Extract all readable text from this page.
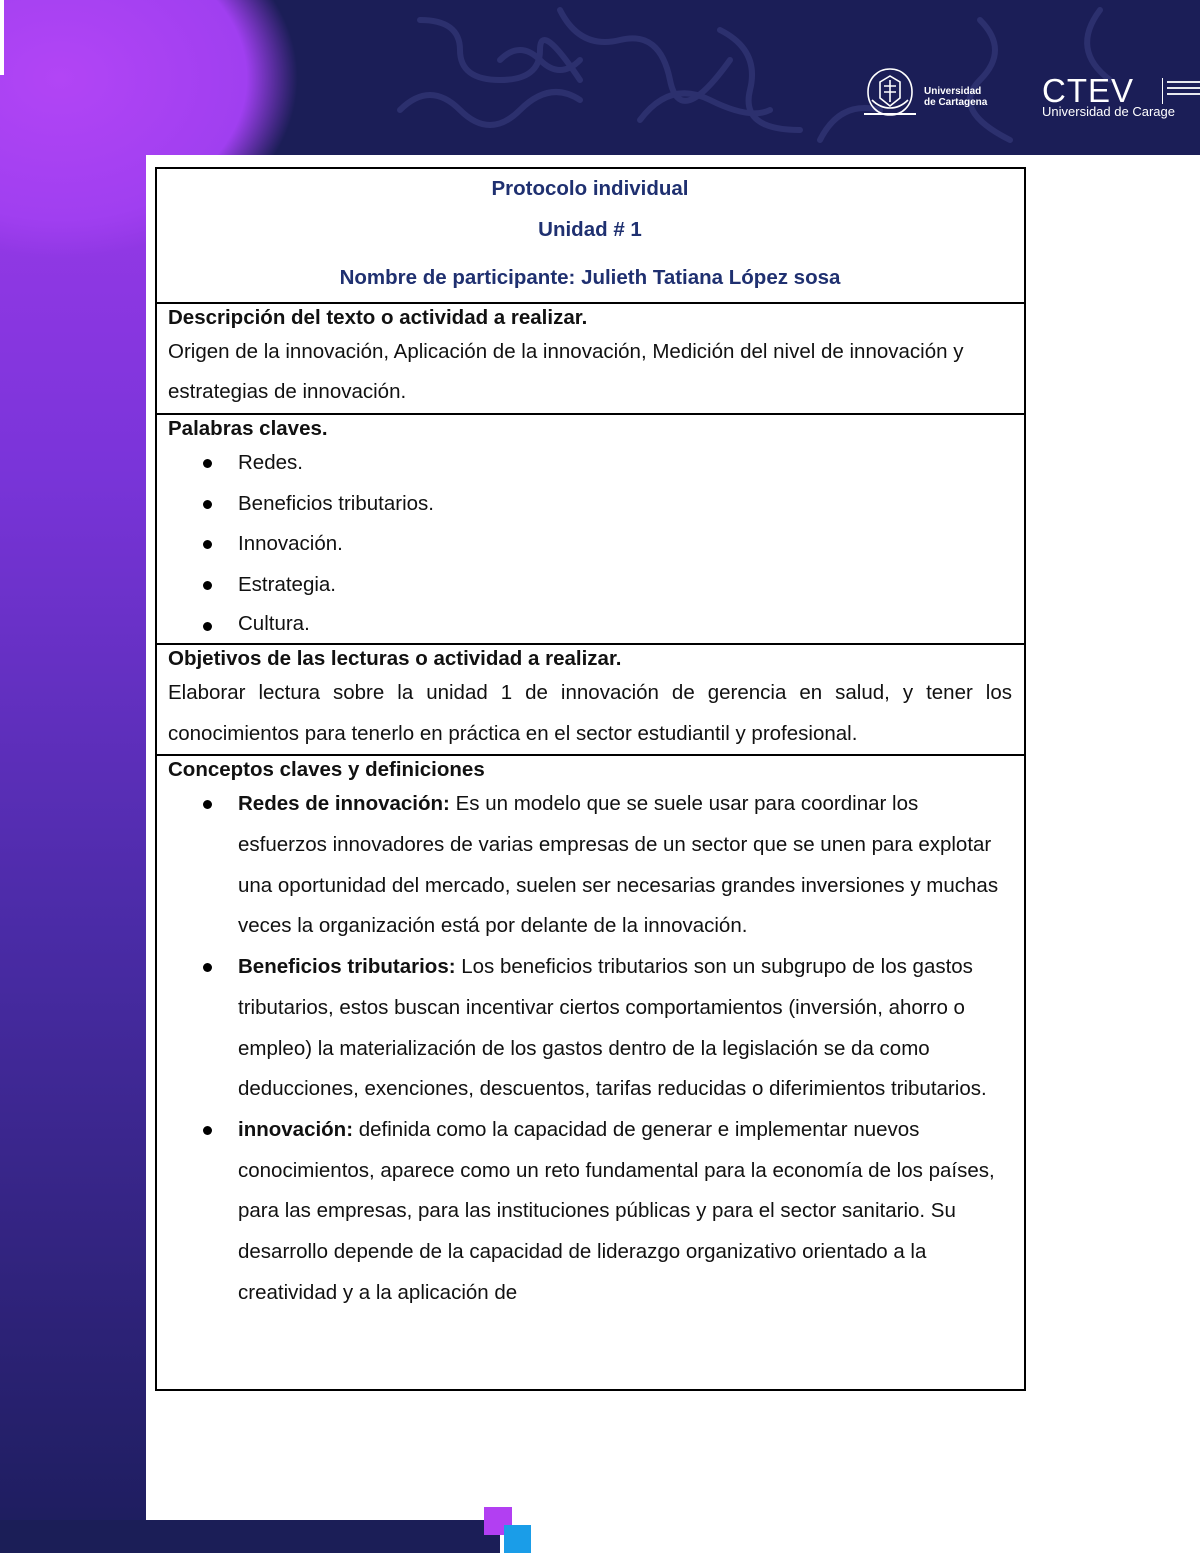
Universidad
de Cartagena CTEV
Universidad de Carage
Protocolo individual
Unidad # 1
Nombre de participante: Julieth Tatiana López sosa

Descripción del texto o actividad a realizar.
Origen de la innovación, Aplicación de la innovación, Medición del nivel de innovación y estrategias de innovación.

Palabras claves.
Redes.
Beneficios tributarios.
Innovación.
Estrategia.
Cultura.

Objetivos de las lecturas o actividad a realizar.
Elaborar lectura sobre la unidad 1 de innovación de gerencia en salud, y tener los conocimientos para tenerlo en práctica en el sector estudiantil y profesional.

Conceptos claves y definiciones
Redes de innovación: Es un modelo que se suele usar para coordinar los esfuerzos innovadores de varias empresas de un sector que se unen para explotar una oportunidad del mercado, suelen ser necesarias grandes inversiones y muchas veces la organización está por delante de la innovación.
Beneficios tributarios: Los beneficios tributarios son un subgrupo de los gastos tributarios, estos buscan incentivar ciertos comportamientos (inversión, ahorro o empleo) la materialización de los gastos dentro de la legislación se da como deducciones, exenciones, descuentos, tarifas reducidas o diferimientos tributarios.
innovación: definida como la capacidad de generar e implementar nuevos conocimientos, aparece como un reto fundamental para la economía de los países, para las empresas, para las instituciones públicas y para el sector sanitario. Su desarrollo depende de la capacidad de liderazgo organizativo orientado a la creatividad y a la aplicación de
